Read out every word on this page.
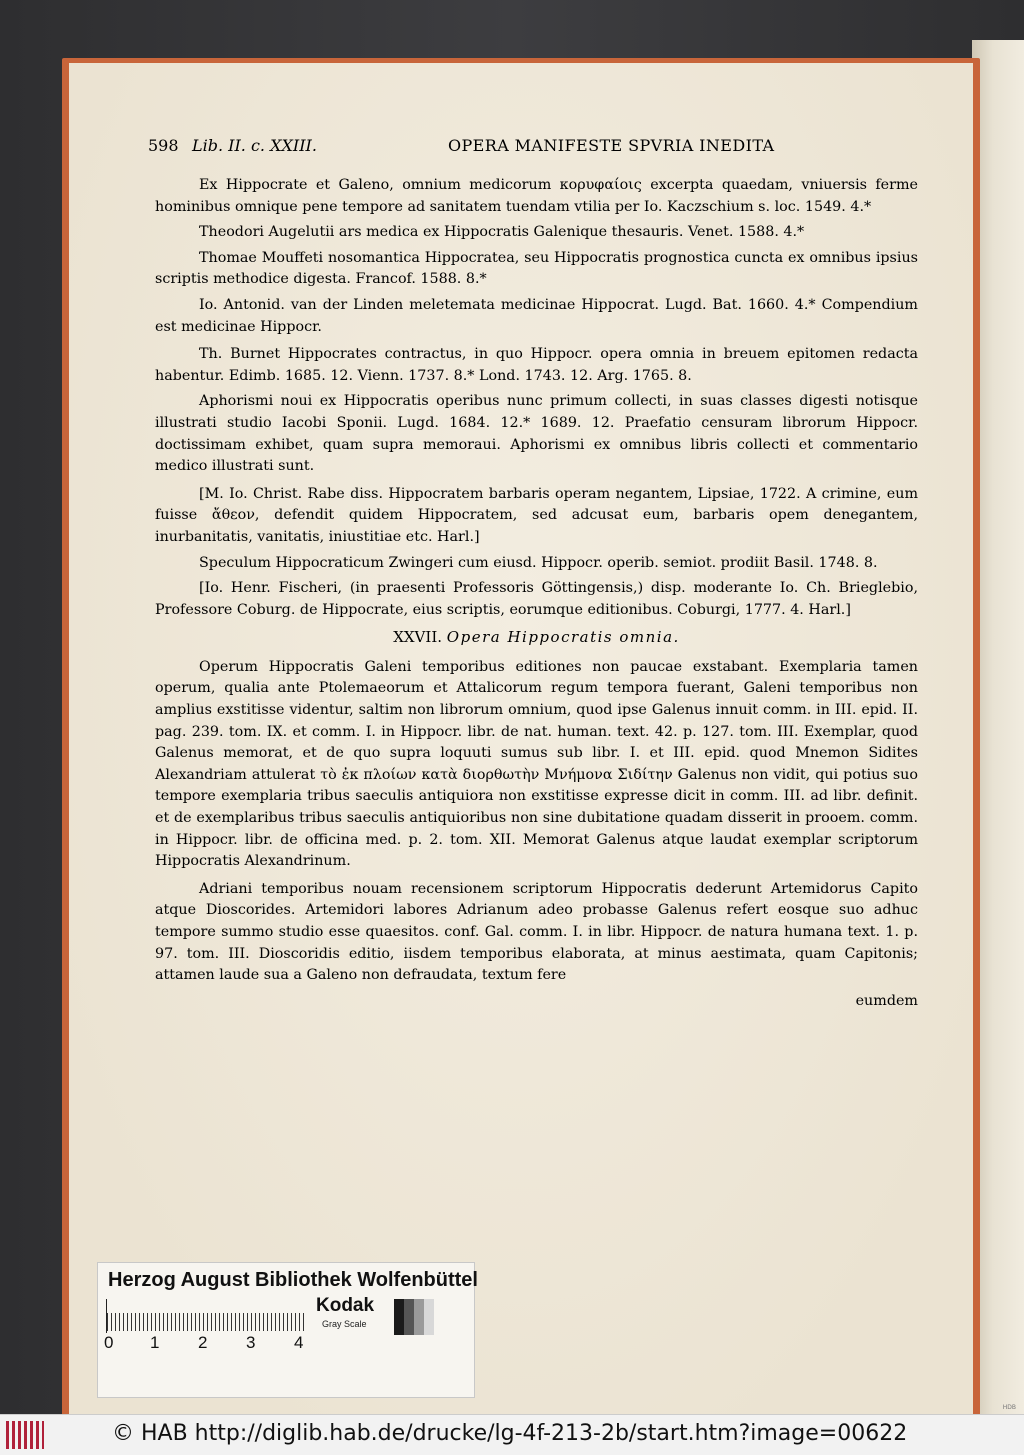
HDB
598 Lib. II. c. XXIII.	OPERA MANIFESTE SPVRIA INEDITA

Ex Hippocrate et Galeno, omnium medicorum κορυφαίοις excerpta quaedam, vniuersis ferme hominibus omnique pene tempore ad sanitatem tuendam vtilia per Io. Kaczschium s. loc. 1549. 4.*

Theodori Augelutii ars medica ex Hippocratis Galenique thesauris. Venet. 1588. 4.*

Thomae Mouffeti nosomantica Hippocratea, seu Hippocratis prognostica cuncta ex omnibus ipsius scriptis methodice digesta. Francof. 1588. 8.*

Io. Antonid. van der Linden meletemata medicinae Hippocrat. Lugd. Bat. 1660. 4.* Compendium est medicinae Hippocr.

Th. Burnet Hippocrates contractus, in quo Hippocr. opera omnia in breuem epitomen redacta habentur. Edimb. 1685. 12. Vienn. 1737. 8.* Lond. 1743. 12. Arg. 1765. 8.

Aphorismi noui ex Hippocratis operibus nunc primum collecti, in suas classes digesti notisque illustrati studio Iacobi Sponii. Lugd. 1684. 12.* 1689. 12. Praefatio censuram librorum Hippocr. doctissimam exhibet, quam supra memoraui. Aphorismi ex omnibus libris collecti et commentario medico illustrati sunt.

[M. Io. Christ. Rabe diss. Hippocratem barbaris operam negantem, Lipsiae, 1722. A crimine, eum fuisse ἄθεον, defendit quidem Hippocratem, sed adcusat eum, barbaris opem denegantem, inurbanitatis, vanitatis, iniustitiae etc. Harl.]

Speculum Hippocraticum Zwingeri cum eiusd. Hippocr. operib. semiot. prodiit Basil. 1748. 8.

[Io. Henr. Fischeri, (in praesenti Professoris Göttingensis,) disp. moderante Io. Ch. Brieglebio, Professore Coburg. de Hippocrate, eius scriptis, eorumque editionibus. Coburgi, 1777. 4. Harl.]

XXVII. Opera Hippocratis omnia.

Operum Hippocratis Galeni temporibus editiones non paucae exstabant. Exemplaria tamen operum, qualia ante Ptolemaeorum et Attalicorum regum tempora fuerant, Galeni temporibus non amplius exstitisse videntur, saltim non librorum omnium, quod ipse Galenus innuit comm. in III. epid. II. pag. 239. tom. IX. et comm. I. in Hippocr. libr. de nat. human. text. 42. p. 127. tom. III. Exemplar, quod Galenus memorat, et de quo supra loquuti sumus sub libr. I. et III. epid. quod Mnemon Sidites Alexandriam attulerat τὸ ἐκ πλοίων κατὰ διορθωτὴν Μνήμονα Σιδίτην Galenus non vidit, qui potius suo tempore exemplaria tribus saeculis antiquiora non exstitisse expresse dicit in comm. III. ad libr. definit. et de exemplaribus tribus saeculis antiquioribus non sine dubitatione quadam disserit in prooem. comm. in Hippocr. libr. de officina med. p. 2. tom. XII. Memorat Galenus atque laudat exemplar scriptorum Hippocratis Alexandrinum.

Adriani temporibus nouam recensionem scriptorum Hippocratis dederunt Artemidorus Capito atque Dioscorides. Artemidori labores Adrianum adeo probasse Galenus refert eosque suo adhuc tempore summo studio esse quaesitos. conf. Gal. comm. I. in libr. Hippocr. de natura humana text. 1. p. 97. tom. III. Dioscoridis editio, iisdem temporibus elaborata, at minus aestimata, quam Capitonis; attamen laude sua a Galeno non defraudata, textum fere

eumdem

Herzog August Bibliothek Wolfenbüttel
0 1 2 3 4
Kodak
Gray Scale
© HAB http://diglib.hab.de/drucke/lg-4f-213-2b/start.htm?image=00622
